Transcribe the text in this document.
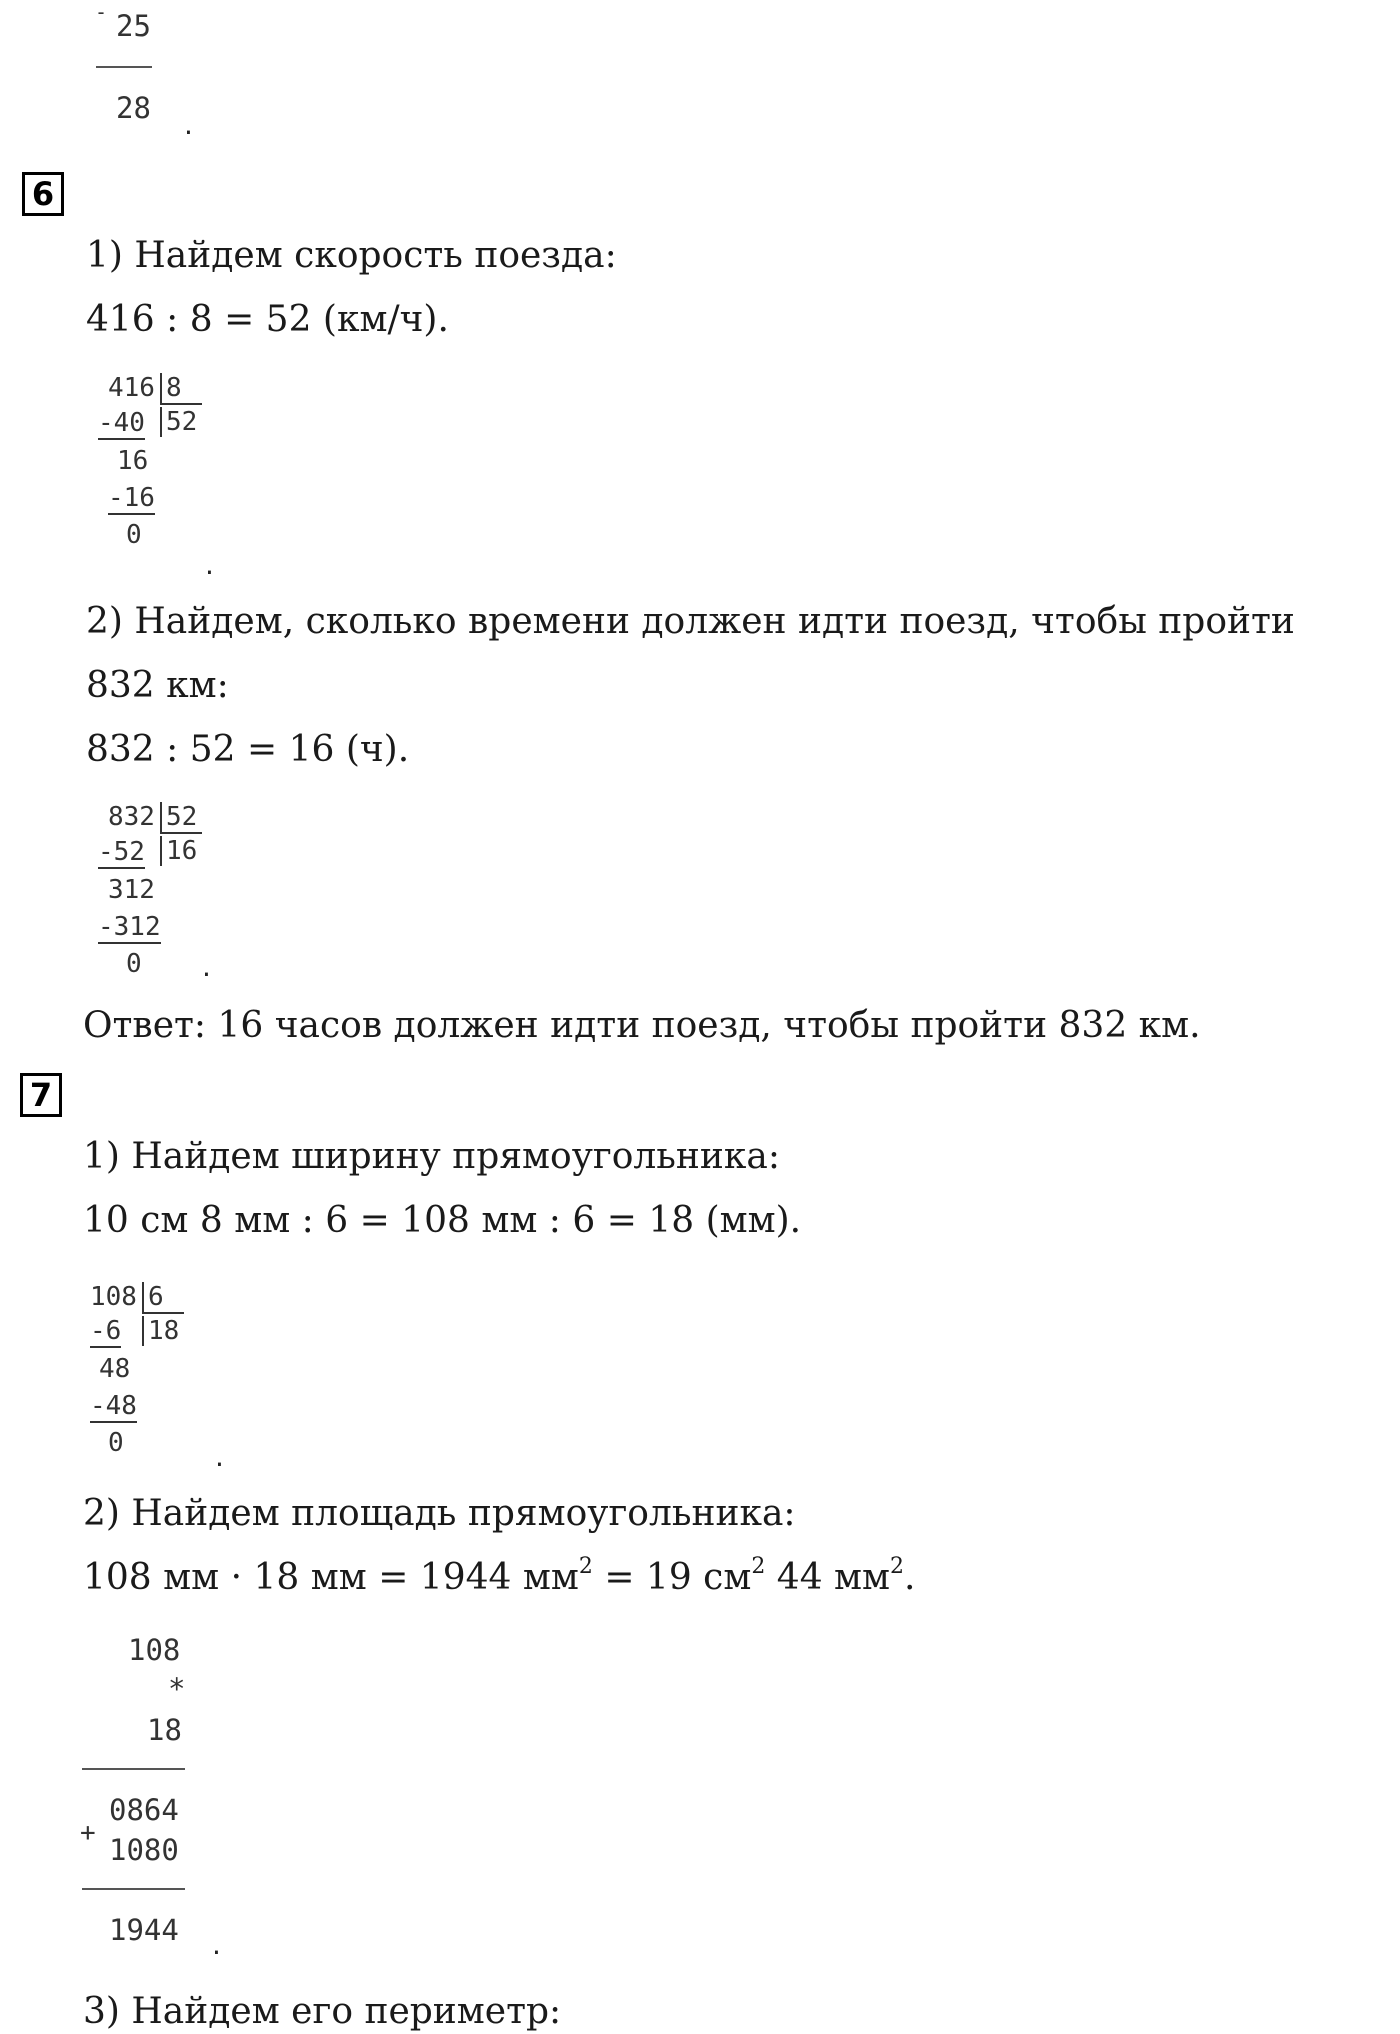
- 25
28 .
6
1) Найдем скорость поезда:
416 : 8 = 52 (км/ч).
416 8
52
-40
16
-16
0
.
2) Найдем, сколько времени должен идти поезд, чтобы пройти
832 км:
832 : 52 = 16 (ч).
832 52
16
-52
312
-312
0 .
Ответ: 16 часов должен идти поезд, чтобы пройти 832 км.
7
1) Найдем ширину прямоугольника:
10 см 8 мм : 6 = 108 мм : 6 = 18 (мм).
108 6
18
-6
48
-48
0	.
2) Найдем площадь прямоугольника:
108 мм · 18 мм = 1944 $мм^2 = 19$ $см^2$ 44 $мм^2$.
108
*
18
+
0864
1080
1944 .
3) Найдем его периметр:
